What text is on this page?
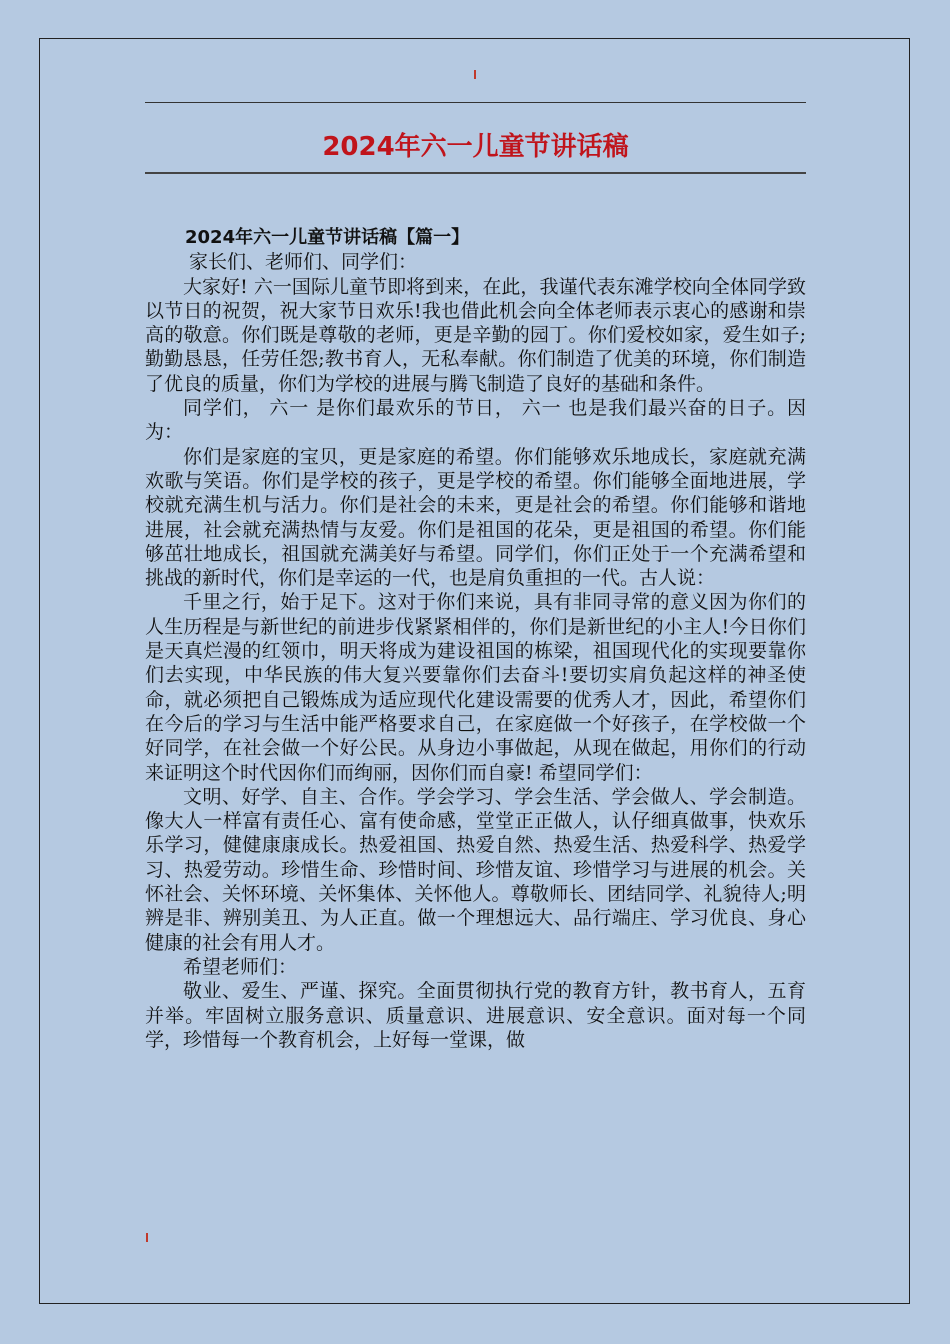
2024年六一儿童节讲话稿

2024年六一儿童节讲话稿【篇一】

家长们、老师们、同学们：

大家好! 六一国际儿童节即将到来，在此，我谨代表东滩学校向全体同学致以节日的祝贺，祝大家节日欢乐!我也借此机会向全体老师表示衷心的感谢和崇高的敬意。你们既是尊敬的老师，更是辛勤的园丁。你们爱校如家，爱生如子;勤勤恳恳，任劳任怨;教书育人，无私奉献。你们制造了优美的环境，你们制造了优良的质量，你们为学校的进展与腾飞制造了良好的基础和条件。

同学们， 六一 是你们最欢乐的节日， 六一 也是我们最兴奋的日子。因为：

你们是家庭的宝贝，更是家庭的希望。你们能够欢乐地成长，家庭就充满欢歌与笑语。你们是学校的孩子，更是学校的希望。你们能够全面地进展，学校就充满生机与活力。你们是社会的未来，更是社会的希望。你们能够和谐地进展，社会就充满热情与友爱。你们是祖国的花朵，更是祖国的希望。你们能够茁壮地成长，祖国就充满美好与希望。同学们，你们正处于一个充满希望和挑战的新时代，你们是幸运的一代，也是肩负重担的一代。古人说：

千里之行，始于足下。这对于你们来说，具有非同寻常的意义因为你们的人生历程是与新世纪的前进步伐紧紧相伴的，你们是新世纪的小主人!今日你们是天真烂漫的红领巾，明天将成为建设祖国的栋梁，祖国现代化的实现要靠你们去实现，中华民族的伟大复兴要靠你们去奋斗!要切实肩负起这样的神圣使命，就必须把自己锻炼成为适应现代化建设需要的优秀人才，因此，希望你们在今后的学习与生活中能严格要求自己，在家庭做一个好孩子，在学校做一个好同学，在社会做一个好公民。从身边小事做起，从现在做起，用你们的行动来证明这个时代因你们而绚丽，因你们而自豪! 希望同学们：

文明、好学、自主、合作。学会学习、学会生活、学会做人、学会制造。像大人一样富有责任心、富有使命感，堂堂正正做人，认仔细真做事，快欢乐乐学习，健健康康成长。热爱祖国、热爱自然、热爱生活、热爱科学、热爱学习、热爱劳动。珍惜生命、珍惜时间、珍惜友谊、珍惜学习与进展的机会。关怀社会、关怀环境、关怀集体、关怀他人。尊敬师长、团结同学、礼貌待人;明辨是非、辨别美丑、为人正直。做一个理想远大、品行端庄、学习优良、身心健康的社会有用人才。

希望老师们：

敬业、爱生、严谨、探究。全面贯彻执行党的教育方针，教书育人，五育并举。牢固树立服务意识、质量意识、进展意识、安全意识。面对每一个同学，珍惜每一个教育机会，上好每一堂课，做
